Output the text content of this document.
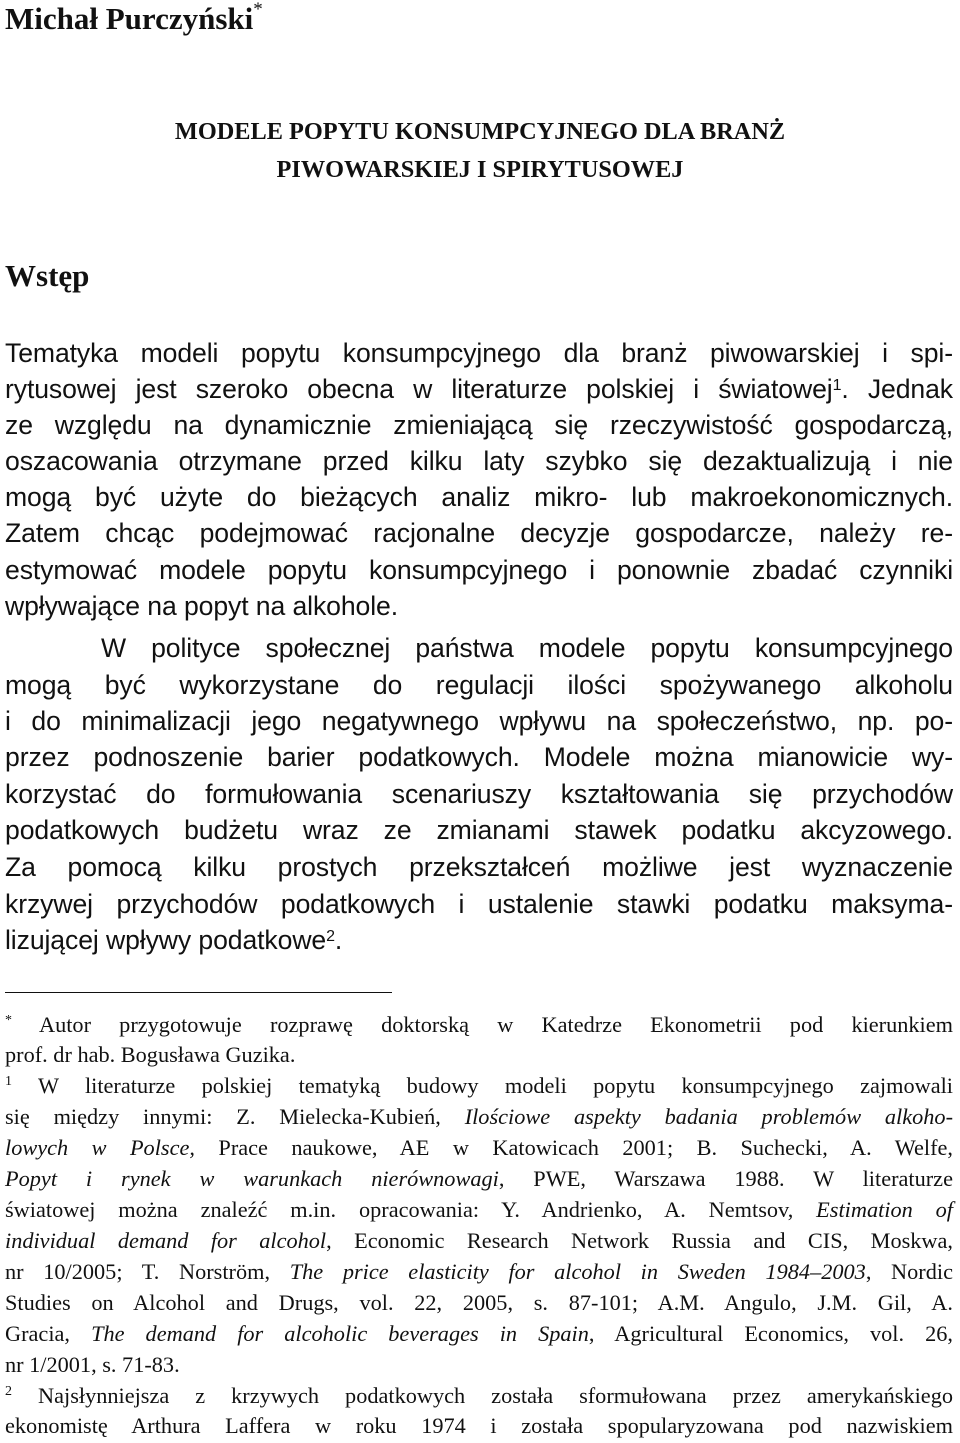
Michał Purczyński*
MODELE POPYTU KONSUMPCYJNEGO DLA BRANŻ
PIWOWARSKIEJ I SPIRYTUSOWEJ
Wstęp
Tematyka modeli popytu konsumpcyjnego dla branż piwowarskiej i spi-
rytusowej jest szeroko obecna w literaturze polskiej i światowej$^1$. Jednak
ze względu na dynamicznie zmieniającą się rzeczywistość gospodarczą,
oszacowania otrzymane przed kilku laty szybko się dezaktualizują i nie
mogą być użyte do bieżących analiz mikro- lub makroekonomicznych.
Zatem chcąc podejmować racjonalne decyzje gospodarcze, należy re-
estymować modele popytu konsumpcyjnego i ponownie zbadać czynniki
wpływające na popyt na alkohole.
W polityce społecznej państwa modele popytu konsumpcyjnego
mogą być wykorzystane do regulacji ilości spożywanego alkoholu
i do minimalizacji jego negatywnego wpływu na społeczeństwo, np. po-
przez podnoszenie barier podatkowych. Modele można mianowicie wy-
korzystać do formułowania scenariuszy kształtowania się przychodów
podatkowych budżetu wraz ze zmianami stawek podatku akcyzowego.
Za pomocą kilku prostych przekształceń możliwe jest wyznaczenie
krzywej przychodów podatkowych i ustalenie stawki podatku maksyma-
lizującej wpływy podatkowe$^2$.
* Autor przygotowuje rozprawę doktorską w Katedrze Ekonometrii pod kierunkiem
prof. dr hab. Bogusława Guzika.
$^1$ W literaturze polskiej tematyką budowy modeli popytu konsumpcyjnego zajmowali
się między innymi: Z. Mielecka-Kubień, Ilościowe aspekty badania problemów alkoho-
lowych w Polsce, Prace naukowe, AE w Katowicach 2001; B. Suchecki, A. Welfe,
Popyt i rynek w warunkach nierównowagi, PWE, Warszawa 1988. W literaturze
światowej można znaleźć m.in. opracowania: Y. Andrienko, A. Nemtsov, Estimation of
individual demand for alcohol, Economic Research Network Russia and CIS, Moskwa,
nr 10/2005; T. Norström, The price elasticity for alcohol in Sweden 1984–2003, Nordic
Studies on Alcohol and Drugs, vol. 22, 2005, s. 87-101; A.M. Angulo, J.M. Gil, A.
Gracia, The demand for alcoholic beverages in Spain, Agricultural Economics, vol. 26,
nr 1/2001, s. 71-83.
$^2$ Najsłynniejsza z krzywych podatkowych została sformułowana przez amerykańskiego
ekonomistę Arthura Laffera w roku 1974 i została spopularyzowana pod nazwiskiem
